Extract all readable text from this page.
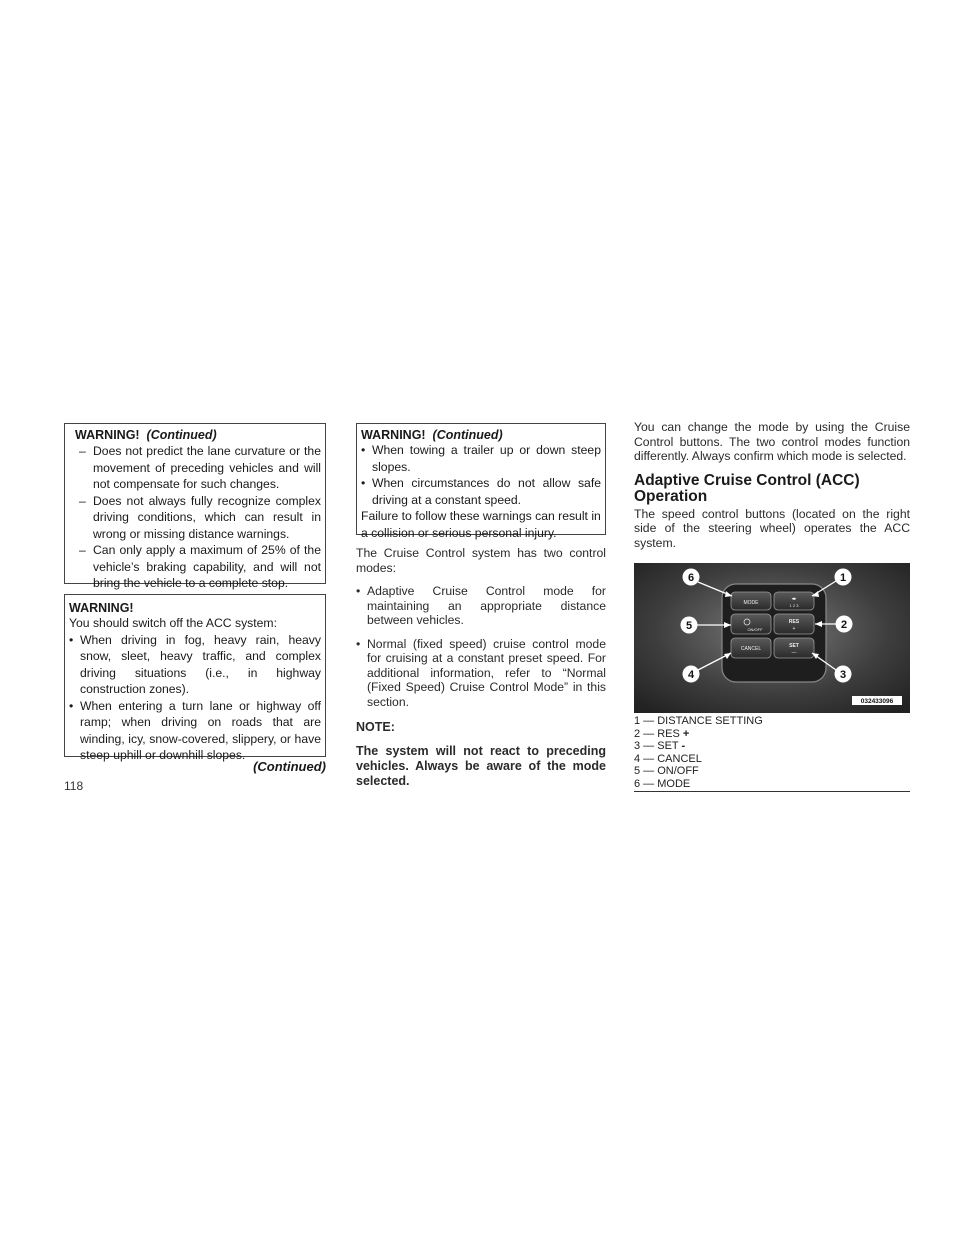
WARNING! (Continued)
– Does not predict the lane curvature or the movement of preceding vehicles and will not compensate for such changes.
– Does not always fully recognize complex driving conditions, which can result in wrong or missing distance warnings.
– Can only apply a maximum of 25% of the vehicle’s braking capability, and will not bring the vehicle to a complete stop.
WARNING!
You should switch off the ACC system:
• When driving in fog, heavy rain, heavy snow, sleet, heavy traffic, and complex driving situations (i.e., in highway construction zones).
• When entering a turn lane or highway off ramp; when driving on roads that are winding, icy, snow-covered, slippery, or have steep uphill or downhill slopes.
(Continued)
WARNING! (Continued)
• When towing a trailer up or down steep slopes.
• When circumstances do not allow safe driving at a constant speed.
Failure to follow these warnings can result in a collision or serious personal injury.
The Cruise Control system has two control modes:
• Adaptive Cruise Control mode for maintaining an appropriate distance between vehicles.
• Normal (fixed speed) cruise control mode for cruising at a constant preset speed. For additional information, refer to “Normal (Fixed Speed) Cruise Control Mode” in this section.
NOTE:
The system will not react to preceding vehicles. Always be aware of the mode selected.
You can change the mode by using the Cruise Control buttons. The two control modes function differently. Always confirm which mode is selected.
Adaptive Cruise Control (ACC) Operation
The speed control buttons (located on the right side of the steering wheel) operates the ACC system.
MODE
◂▸
1 2 3
ON/OFF
RES
+
CANCEL	SET
—
6	1
5	2
4	3
032433096
1 — DISTANCE SETTING
2 — RES +
3 — SET -
4 — CANCEL
5 — ON/OFF
6 — MODE
118
